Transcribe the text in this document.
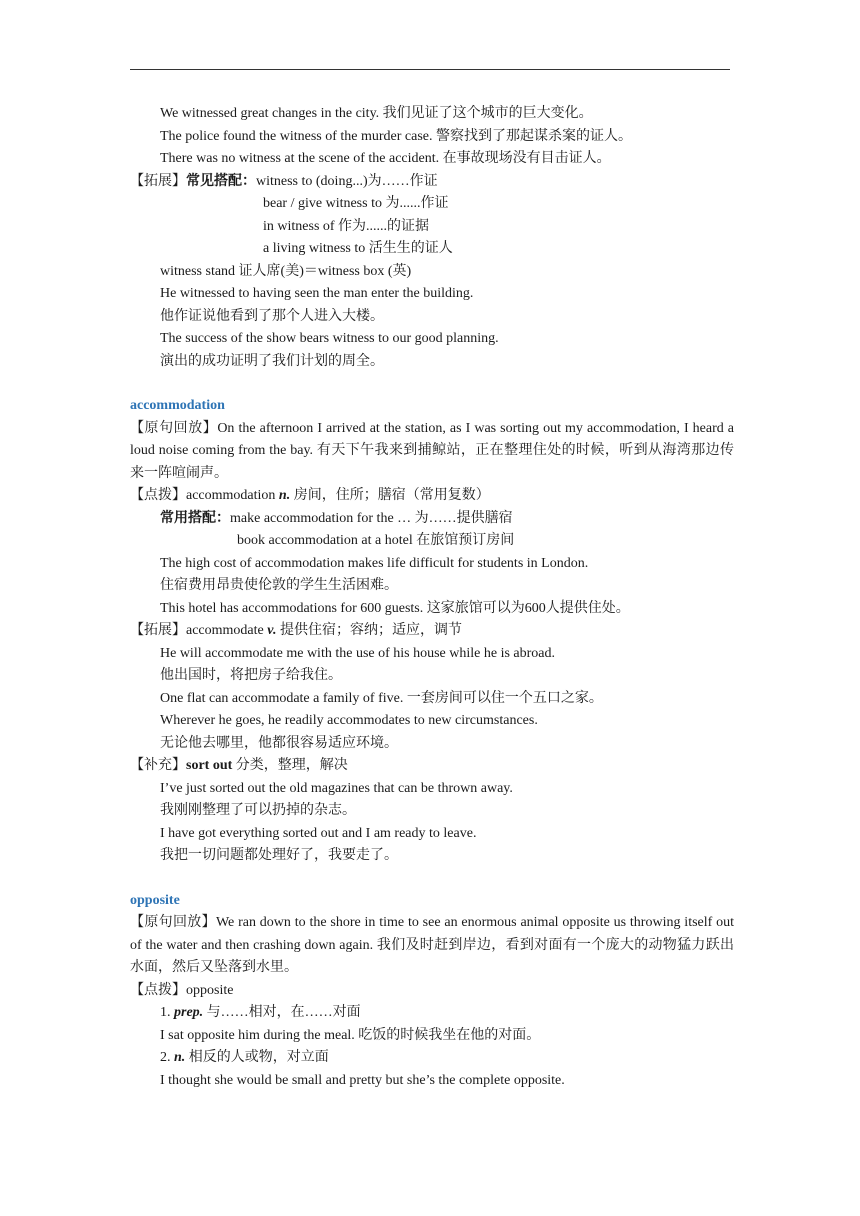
We witnessed great changes in the city. 我们见证了这个城市的巨大变化。
The police found the witness of the murder case. 警察找到了那起谋杀案的证人。
There was no witness at the scene of the accident. 在事故现场没有目击证人。
【拓展】常见搭配：witness to (doing...)为……作证
bear / give witness to 为......作证
in witness of 作为......的证据
a living witness to 活生生的证人
witness stand 证人席(美)＝witness box (英)
He witnessed to having seen the man enter the building.
他作证说他看到了那个人进入大楼。
The success of the show bears witness to our good planning.
演出的成功证明了我们计划的周全。
accommodation
【原句回放】On the afternoon I arrived at the station, as I was sorting out my accommodation, I heard a loud noise coming from the bay. 有天下午我来到捕鲸站，正在整理住处的时候，听到从海湾那边传来一阵喧闹声。
【点拨】accommodation n. 房间，住所；膳宿（常用复数）
常用搭配：make accommodation for the … 为……提供膳宿
book accommodation at a hotel 在旅馆预订房间
The high cost of accommodation makes life difficult for students in London.
住宿费用昂贵使伦敦的学生生活困难。
This hotel has accommodations for 600 guests. 这家旅馆可以为600人提供住处。
【拓展】accommodate v. 提供住宿；容纳；适应，调节
He will accommodate me with the use of his house while he is abroad.
他出国时，将把房子给我住。
One flat can accommodate a family of five. 一套房间可以住一个五口之家。
Wherever he goes, he readily accommodates to new circumstances.
无论他去哪里，他都很容易适应环境。
【补充】sort out 分类，整理，解决
I’ve just sorted out the old magazines that can be thrown away.
我刚刚整理了可以扔掉的杂志。
I have got everything sorted out and I am ready to leave.
我把一切问题都处理好了，我要走了。
opposite
【原句回放】We ran down to the shore in time to see an enormous animal opposite us throwing itself out of the water and then crashing down again. 我们及时赶到岸边，看到对面有一个庞大的动物猛力跃出水面，然后又坠落到水里。
【点拨】opposite
1. prep. 与……相对，在……对面
I sat opposite him during the meal. 吃饭的时候我坐在他的对面。
2. n. 相反的人或物，对立面
I thought she would be small and pretty but she’s the complete opposite.
